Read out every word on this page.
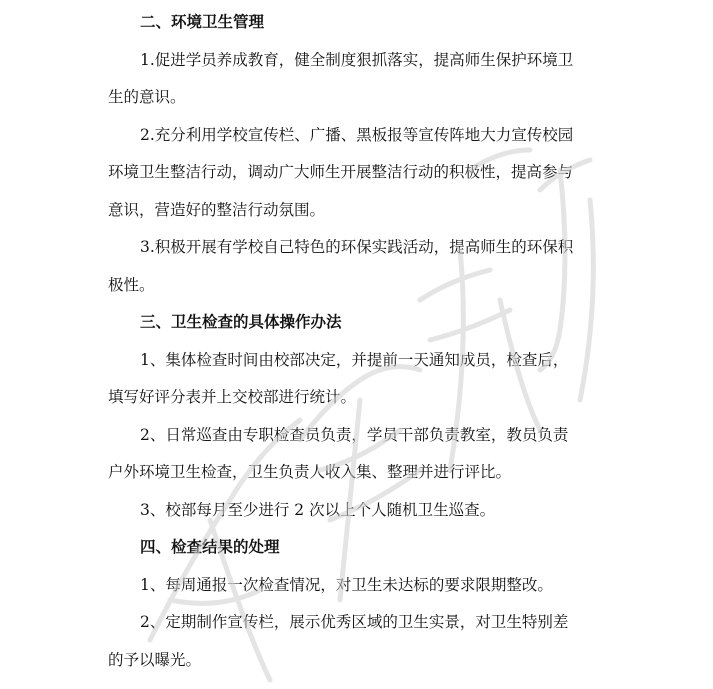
二、环境卫生管理
1.促进学员养成教育，健全制度狠抓落实，提高师生保护环境卫
生的意识。
2.充分利用学校宣传栏、广播、黑板报等宣传阵地大力宣传校园
环境卫生整洁行动，调动广大师生开展整洁行动的积极性，提高参与
意识，营造好的整洁行动氛围。
3.积极开展有学校自己特色的环保实践活动，提高师生的环保积
极性。
三、卫生检查的具体操作办法
1、集体检查时间由校部决定，并提前一天通知成员，检查后，
填写好评分表并上交校部进行统计。
2、日常巡查由专职检查员负责，学员干部负责教室，教员负责
户外环境卫生检查，卫生负责人收入集、整理并进行评比。
3、校部每月至少进行 2 次以上个人随机卫生巡查。
四、检查结果的处理
1、每周通报一次检查情况，对卫生未达标的要求限期整改。
2、定期制作宣传栏，展示优秀区域的卫生实景，对卫生特别差
的予以曝光。
